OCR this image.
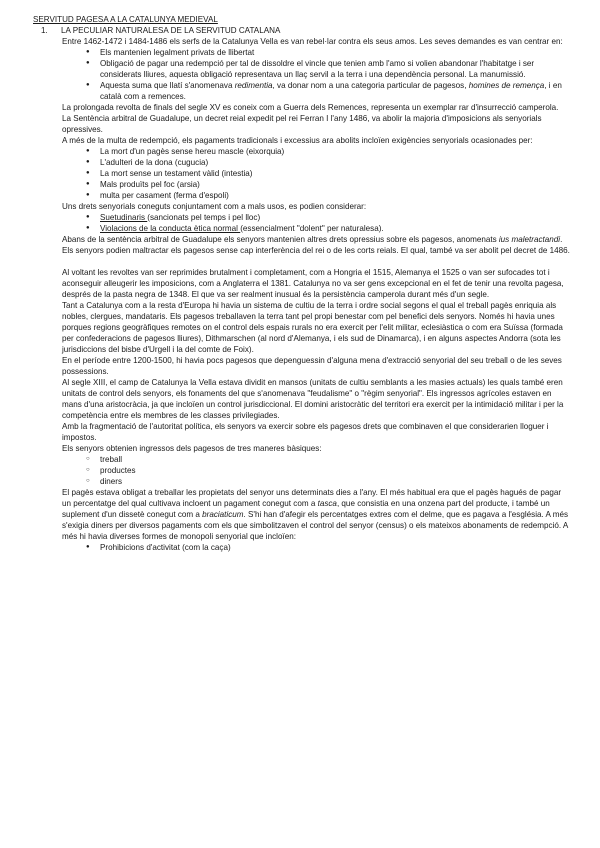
SERVITUD PAGESA A LA CATALUNYA MEDIEVAL

1. LA PECULIAR NATURALESA DE LA SERVITUD CATALANA

Entre 1462-1472 i 1484-1486 els serfs de la Catalunya Vella es van rebel·lar contra els seus amos. Les seves demandes es van centrar en:

● Els mantenien legalment privats de llibertat
● Obligació de pagar una redempció per tal de dissoldre el vincle que tenien amb l'amo si volien abandonar l'habitatge i ser considerats lliures, aquesta obligació representava un llaç servil a la terra i una dependència personal. La manumissió.
● Aquesta suma que llatí s'anomenava redimentia, va donar nom a una categoria particular de pagesos, homines de remença, i en català com a remences.

La prolongada revolta de finals del segle XV es coneix com a Guerra dels Remences, representa un exemplar rar d'insurrecció camperola.

La Sentència arbitral de Guadalupe, un decret reial expedit pel rei Ferran I l'any 1486, va abolir la majoria d'imposicions als senyorials opressives.

A més de la multa de redempció, els pagaments tradicionals i excessius ara abolits incloïen exigències senyorials ocasionades per:

● La mort d'un pagès sense hereu mascle (eixorquia)
● L'adulteri de la dona (cugucia)
● La mort sense un testament vàlid (intestia)
● Mals produïts pel foc (arsia)
● multa per casament (ferma d'espoli)

Uns drets senyorials coneguts conjuntament com a mals usos, es podien considerar:

● Suetudinaris (sancionats pel temps i pel lloc)
● Violacions de la conducta ètica normal (essencialment "dolent" per naturalesa).

Abans de la sentència arbitral de Guadalupe els senyors mantenien altres drets opressius sobre els pagesos, anomenats ius maletractandi.

Els senyors podien maltractar els pagesos sense cap interferència del rei o de les corts reials. El qual, també va ser abolit pel decret de 1486.

Al voltant les revoltes van ser reprimides brutalment i completament, com a Hongria el 1515, Alemanya el 1525 o van ser sufocades tot i aconseguir alleugerir les imposicions, com a Anglaterra el 1381. Catalunya no va ser gens excepcional en el fet de tenir una revolta pagesa, després de la pasta negra de 1348. El que va ser realment inusual és la persistència camperola durant més d'un segle.

Tant a Catalunya com a la resta d'Europa hi havia un sistema de cultiu de la terra i ordre social segons el qual el treball pagès enriquia als nobles, clergues, mandataris. Els pagesos treballaven la terra tant pel propi benestar com pel benefici dels senyors. Només hi havia unes porques regions geogràfiques remotes on el control dels espais rurals no era exercit per l'elit militar, eclesiàstica o com era Suïssa (formada per confederacions de pagesos lliures), Dithmarschen (al nord d'Alemanya, i els sud de Dinamarca), i en alguns aspectes Andorra (sota les jurisdiccions del bisbe d'Urgell i la del comte de Foix).

En el període entre 1200-1500, hi havia pocs pagesos que depenguessin d'alguna mena d'extracció senyorial del seu treball o de les seves possessions.

Al segle XIII, el camp de Catalunya la Vella estava dividit en mansos (unitats de cultiu semblants a les masies actuals) les quals també eren unitats de control dels senyors, els fonaments del que s'anomenava "feudalisme" o "règim senyorial". Els ingressos agrícoles estaven en mans d'una aristocràcia, ja que incloïen un control jurisdiccional. El domini aristocràtic del territori era exercit per la intimidació militar i per la competència entre els membres de les classes privilegiades.

Amb la fragmentació de l'autoritat política, els senyors va exercir sobre els pagesos drets que combinaven el que considerarien lloguer i impostos.

Els senyors obtenien ingressos dels pagesos de tres maneres bàsiques:

○ treball
○ productes
○ diners

El pagès estava obligat a treballar les propietats del senyor uns determinats dies a l'any. El més habitual era que el pagès hagués de pagar un percentatge del qual cultivava incloent un pagament conegut com a tasca, que consistia en una onzena part del producte, i també un suplement d'un dissetè conegut com a braciaticum. S'hi han d'afegir els percentatges extres com el delme, que es pagava a l'església. A més s'exigia diners per diversos pagaments com els que simbolitzaven el control del senyor (census) o els mateixos abonaments de redempció. A més hi havia diverses formes de monopoli senyorial que incloïen:

● Prohibicions d'activitat (com la caça)
